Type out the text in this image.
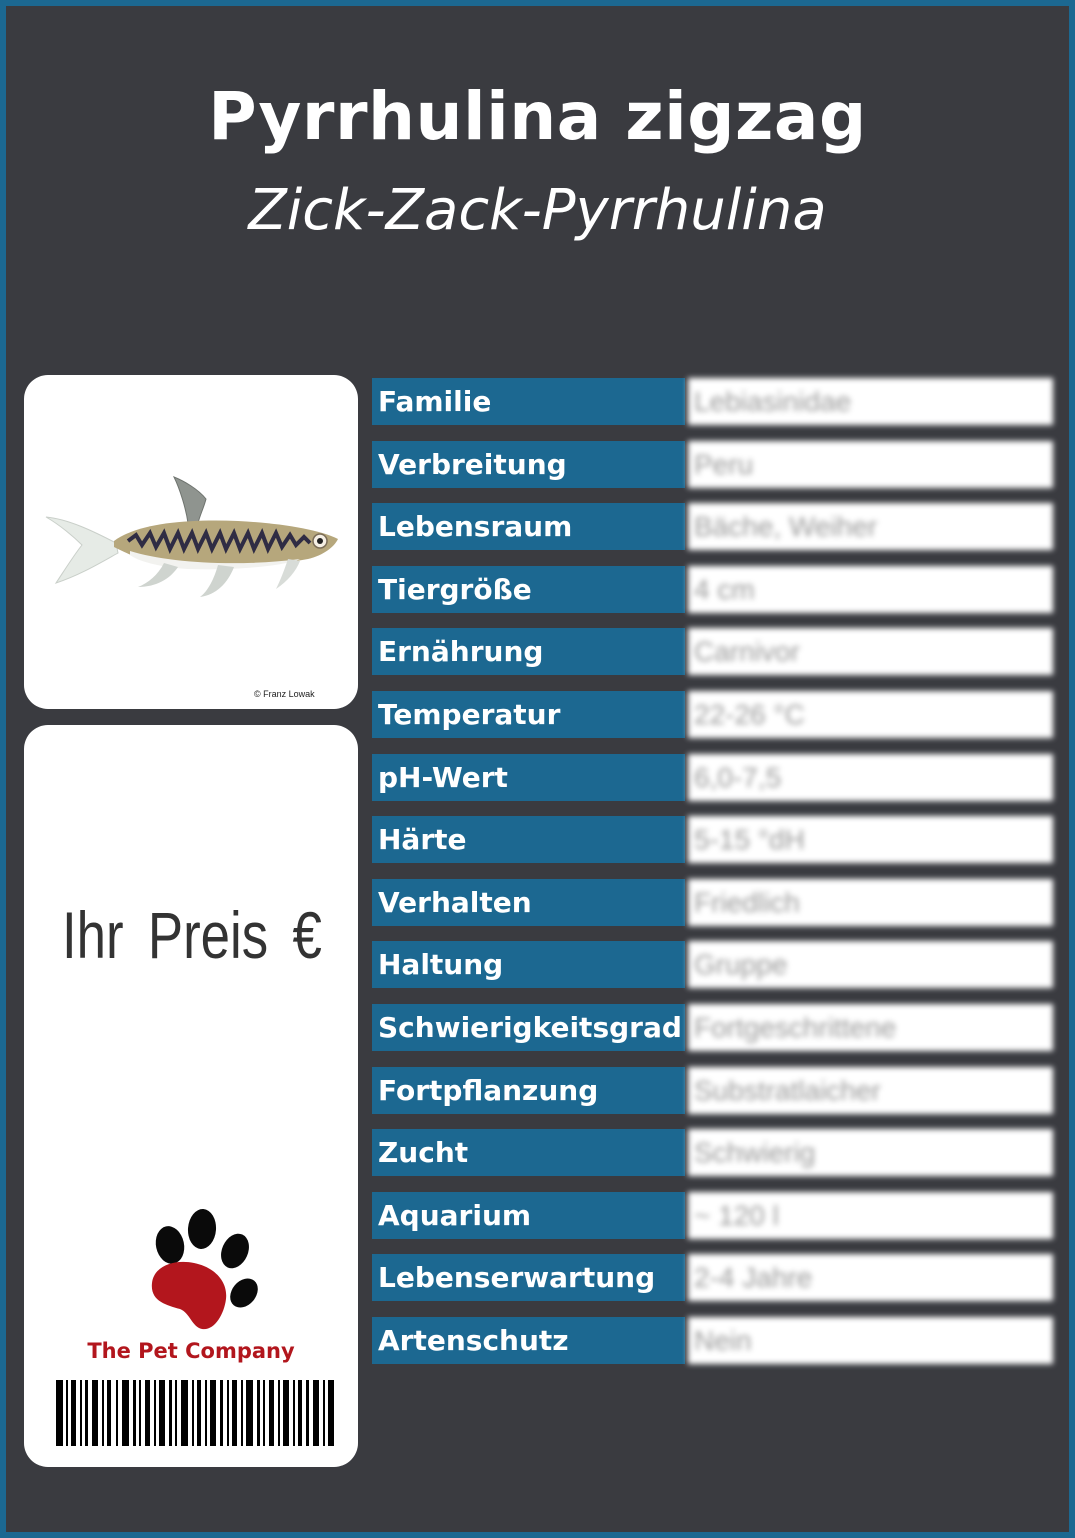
Pyrrhulina zigzag
Zick-Zack-Pyrrhulina
© Franz Lowak
Ihr Preis €
The Pet Company
Familie	Lebiasinidae
Verbreitung	Peru
Lebensraum	Bäche, Weiher
Tiergröße	4 cm
Ernährung	Carnivor
Temperatur	22-26 °C
pH-Wert	6,0-7,5
Härte	5-15 °dH
Verhalten	Friedlich
Haltung	Gruppe
Schwierigkeitsgrad Fortgeschrittene
Fortpflanzung	Substratlaicher
Zucht	Schwierig
Aquarium	~ 120 l
Lebenserwartung	2-4 Jahre
Artenschutz	Nein
